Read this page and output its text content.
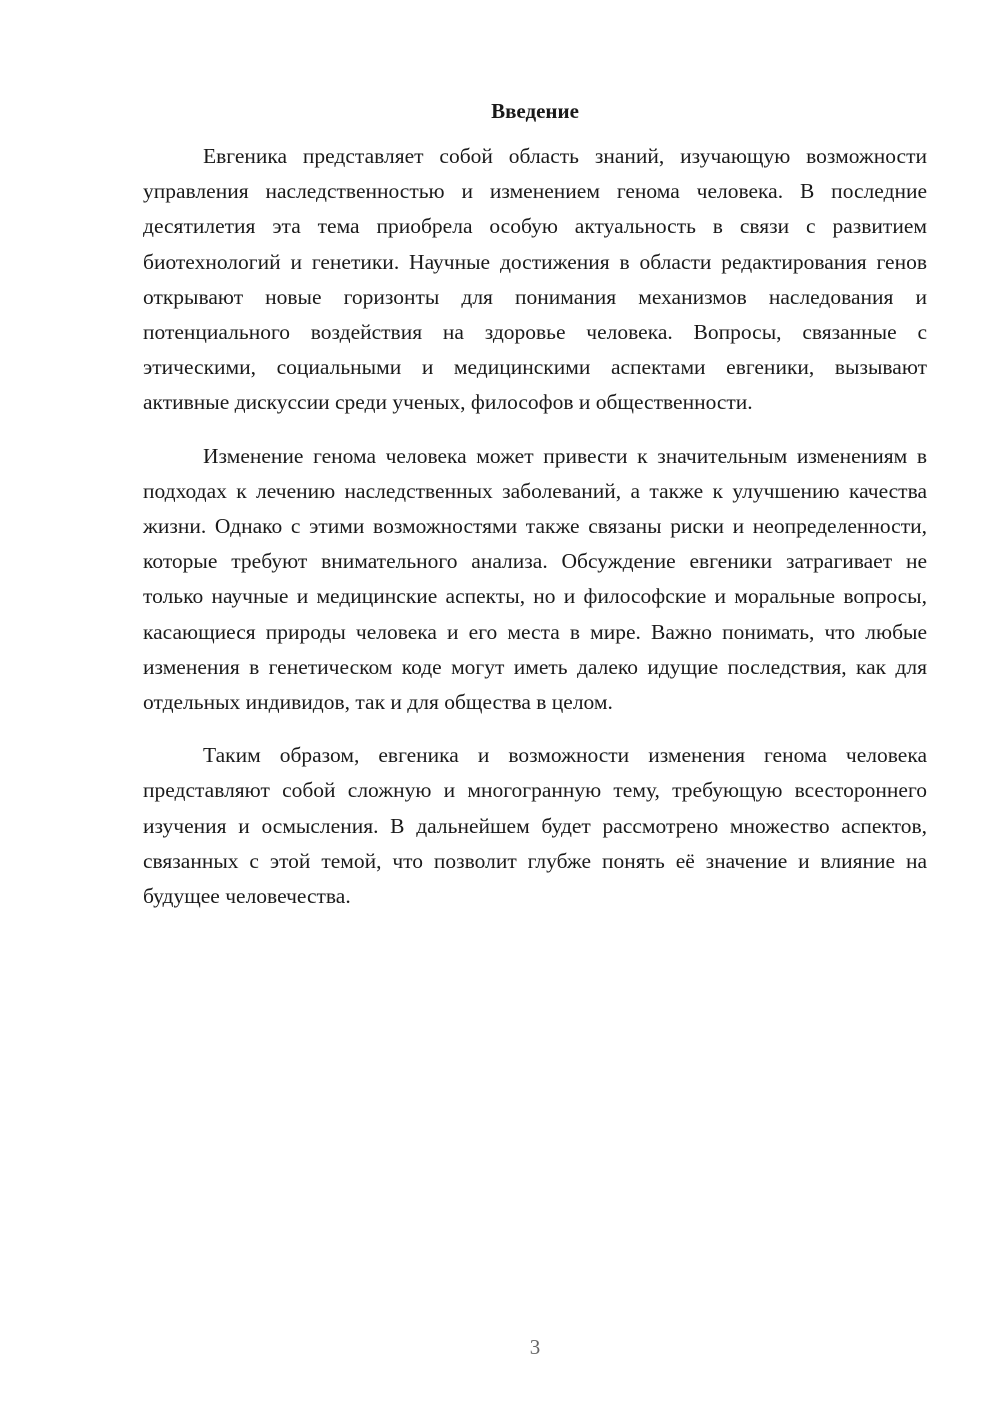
Введение

Евгеника представляет собой область знаний, изучающую возможности управления наследственностью и изменением генома человека. В последние десятилетия эта тема приобрела особую актуальность в связи с развитием биотехнологий и генетики. Научные достижения в области редактирования генов открывают новые горизонты для понимания механизмов наследования и потенциального воздействия на здоровье человека. Вопросы, связанные с этическими, социальными и медицинскими аспектами евгеники, вызывают активные дискуссии среди ученых, философов и общественности.

Изменение генома человека может привести к значительным изменениям в подходах к лечению наследственных заболеваний, а также к улучшению качества жизни. Однако с этими возможностями также связаны риски и неопределенности, которые требуют внимательного анализа. Обсуждение евгеники затрагивает не только научные и медицинские аспекты, но и философские и моральные вопросы, касающиеся природы человека и его места в мире. Важно понимать, что любые изменения в генетическом коде могут иметь далеко идущие последствия, как для отдельных индивидов, так и для общества в целом.

Таким образом, евгеника и возможности изменения генома человека представляют собой сложную и многогранную тему, требующую всестороннего изучения и осмысления. В дальнейшем будет рассмотрено множество аспектов, связанных с этой темой, что позволит глубже понять её значение и влияние на будущее человечества.

3
